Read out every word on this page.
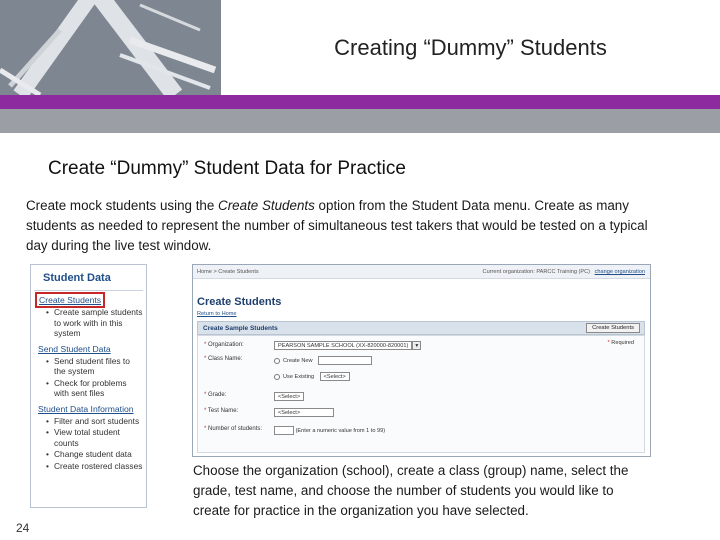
Creating “Dummy” Students
Create “Dummy” Student Data for Practice

Create mock students using the Create Students option from the Student Data menu. Create as many students as needed to represent the number of simultaneous test takers that would be tested on a typical day during the live test window.

Student Data
Create Students
• Create sample students to work with in this system
Send Student Data
• Send student files to the system
• Check for problems with sent files
Student Data Information
• Filter and sort students
• View total student counts
• Change student data
• Create rostered classes
Home > Create Students	Current organization: PARCC Training (PC) change organization
Create Students
Return to Home
Create Sample Students	Create Students
* Required
* Organization:	PEARSON SAMPLE SCHOOL (XX-820000-820001) ▼
* Class Name:	Create New
Use Existing <Select>
* Grade:	<Select>
* Test Name:	<Select>
* Number of students:	(Enter a numeric value from 1 to 99)

Choose the organization (school), create a class (group) name, select the grade, test name, and choose the number of students you would like to create for practice in the organization you have selected.

24
